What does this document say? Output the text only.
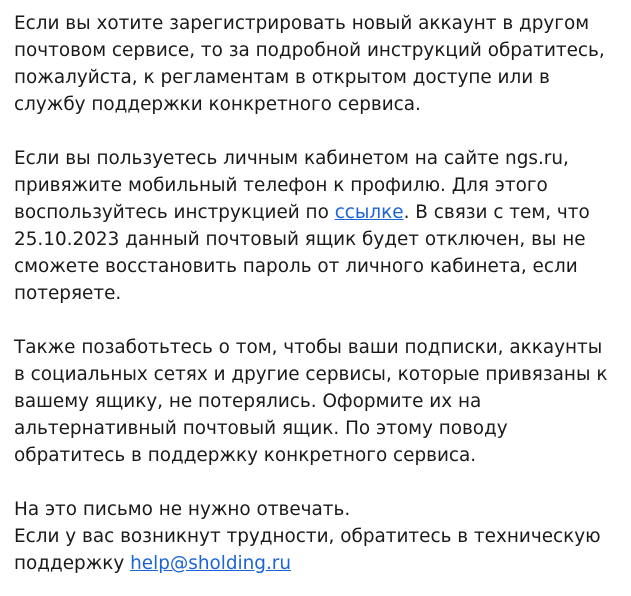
Если вы хотите зарегистрировать новый аккаунт в другом почтовом сервисе, то за подробной инструкций обратитесь, пожалуйста, к регламентам в открытом доступе или в службу поддержки конкретного сервиса.

Если вы пользуетесь личным кабинетом на сайте ngs.ru, привяжите мобильный телефон к профилю. Для этого воспользуйтесь инструкцией по ссылке. В связи с тем, что 25.10.2023 данный почтовый ящик будет отключен, вы не сможете восстановить пароль от личного кабинета, если потеряете.

Также позаботьтесь о том, чтобы ваши подписки, аккаунты в социальных сетях и другие сервисы, которые привязаны к вашему ящику, не потерялись. Оформите их на альтернативный почтовый ящик. По этому поводу обратитесь в поддержку конкретного сервиса.

На это письмо не нужно отвечать.
Если у вас возникнут трудности, обратитесь в техническую поддержку help@sholding.ru
